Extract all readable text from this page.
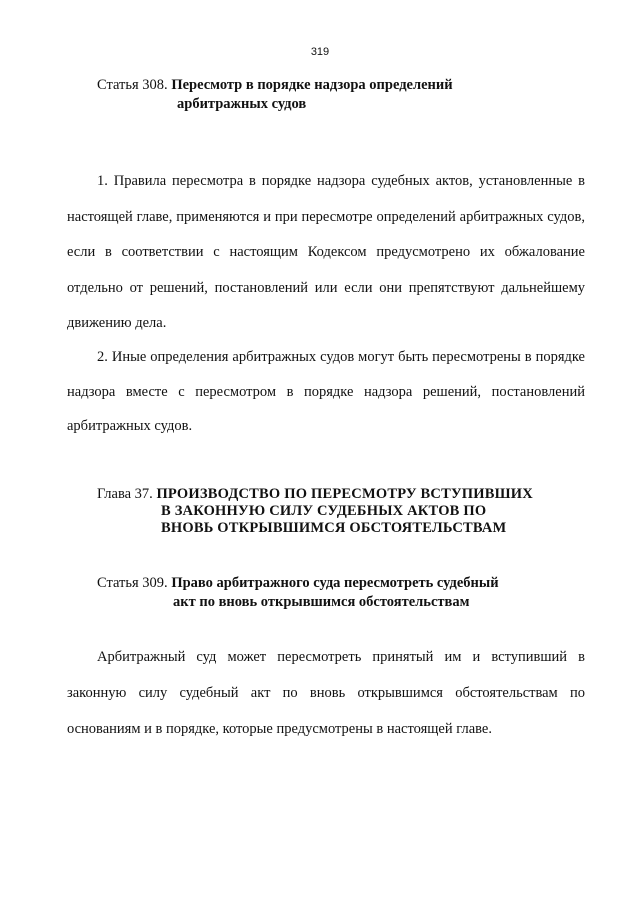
319
Статья 308. Пересмотр в порядке надзора определений
арбитражных судов

1. Правила пересмотра в порядке надзора судебных актов, установленные в настоящей главе, применяются и при пересмотре определений арбитражных судов, если в соответствии с настоящим Кодексом предусмотрено их обжалование отдельно от решений, постановлений или если они препятствуют дальнейшему движению дела.

2. Иные определения арбитражных судов могут быть пересмотрены в порядке надзора вместе с пересмотром в порядке надзора решений, постановлений арбитражных судов.

Глава 37. ПРОИЗВОДСТВО ПО ПЕРЕСМОТРУ ВСТУПИВШИХ
В ЗАКОННУЮ СИЛУ СУДЕБНЫХ АКТОВ ПО
ВНОВЬ ОТКРЫВШИМСЯ ОБСТОЯТЕЛЬСТВАМ
Статья 309. Право арбитражного суда пересмотреть судебный
акт по вновь открывшимся обстоятельствам

Арбитражный суд может пересмотреть принятый им и вступивший в законную силу судебный акт по вновь открывшимся обстоятельствам по основаниям и в порядке, которые предусмотрены в настоящей главе.
